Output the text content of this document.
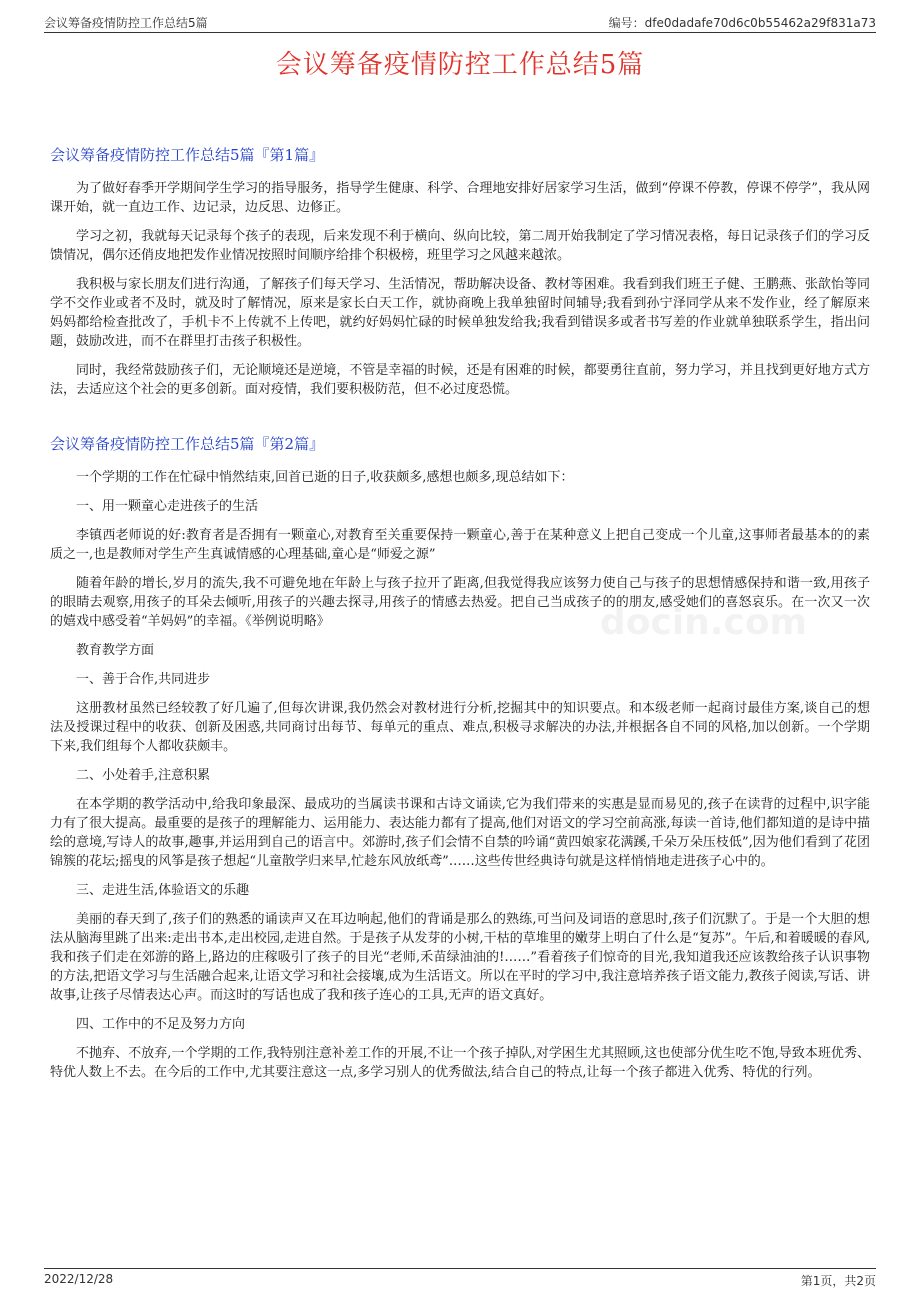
会议筹备疫情防控工作总结5篇	编号：dfe0dadafe70d6c0b55462a29f831a73
会议筹备疫情防控工作总结5篇
docin.com
会议筹备疫情防控工作总结5篇『第1篇』

为了做好春季开学期间学生学习的指导服务，指导学生健康、科学、合理地安排好居家学习生活，做到“停课不停教，停课不停学”，我从网课开始，就一直边工作、边记录，边反思、边修正。

学习之初，我就每天记录每个孩子的表现，后来发现不利于横向、纵向比较，第二周开始我制定了学习情况表格，每日记录孩子们的学习反馈情况，偶尔还俏皮地把发作业情况按照时间顺序给排个积极榜，班里学习之风越来越浓。

我积极与家长朋友们进行沟通，了解孩子们每天学习、生活情况，帮助解决设备、教材等困难。我看到我们班王子健、王鹏燕、张歆怡等同学不交作业或者不及时，就及时了解情况，原来是家长白天工作，就协商晚上我单独留时间辅导;我看到孙宁泽同学从来不发作业，经了解原来妈妈都给检查批改了，手机卡不上传就不上传吧，就约好妈妈忙碌的时候单独发给我;我看到错误多或者书写差的作业就单独联系学生，指出问题，鼓励改进，而不在群里打击孩子积极性。

同时，我经常鼓励孩子们，无论顺境还是逆境，不管是幸福的时候，还是有困难的时候，都要勇往直前，努力学习，并且找到更好地方式方法，去适应这个社会的更多创新。面对疫情，我们要积极防范，但不必过度恐慌。

会议筹备疫情防控工作总结5篇『第2篇』

一个学期的工作在忙碌中悄然结束,回首已逝的日子,收获颇多,感想也颇多,现总结如下：

一、用一颗童心走进孩子的生活

李镇西老师说的好:教育者是否拥有一颗童心,对教育至关重要保持一颗童心,善于在某种意义上把自己变成一个儿童,这事师者最基本的的素质之一,也是教师对学生产生真诚情感的心理基础,童心是“师爱之源”

随着年龄的增长,岁月的流失,我不可避免地在年龄上与孩子拉开了距离,但我觉得我应该努力使自己与孩子的思想情感保持和谐一致,用孩子的眼睛去观察,用孩子的耳朵去倾听,用孩子的兴趣去探寻,用孩子的情感去热爱。把自己当成孩子的的朋友,感受她们的喜怒哀乐。在一次又一次的嬉戏中感受着“羊妈妈”的幸福。《举例说明略》

教育教学方面

一、善于合作,共同进步

这册教材虽然已经较教了好几遍了,但每次讲课,我仍然会对教材进行分析,挖掘其中的知识要点。和本级老师一起商讨最佳方案,谈自己的想法及授课过程中的收获、创新及困惑,共同商讨出每节、每单元的重点、难点,积极寻求解决的办法,并根据各自不同的风格,加以创新。一个学期下来,我们组每个人都收获颇丰。

二、小处着手,注意积累

在本学期的教学活动中,给我印象最深、最成功的当属读书课和古诗文诵读,它为我们带来的实惠是显而易见的,孩子在读背的过程中,识字能力有了很大提高。最重要的是孩子的理解能力、运用能力、表达能力都有了提高,他们对语文的学习空前高涨,每读一首诗,他们都知道的是诗中描绘的意境,写诗人的故事,趣事,并运用到自己的语言中。郊游时,孩子们会情不自禁的吟诵“黄四娘家花满蹊,千朵万朵压枝低”,因为他们看到了花团锦簇的花坛;摇曳的风筝是孩子想起“儿童散学归来早,忙趁东风放纸鸢”……这些传世经典诗句就是这样悄悄地走进孩子心中的。

三、走进生活,体验语文的乐趣

美丽的春天到了,孩子们的熟悉的诵读声又在耳边响起,他们的背诵是那么的熟练,可当问及词语的意思时,孩子们沉默了。于是一个大胆的想法从脑海里跳了出来:走出书本,走出校园,走进自然。于是孩子从发芽的小树,干枯的草堆里的嫩芽上明白了什么是“复苏”。午后,和着暖暖的春风,我和孩子们走在郊游的路上,路边的庄稼吸引了孩子的目光“老师,禾苗绿油油的!……”看着孩子们惊奇的目光,我知道我还应该教给孩子认识事物的方法,把语文学习与生活融合起来,让语文学习和社会接壤,成为生活语文。所以在平时的学习中,我注意培养孩子语文能力,教孩子阅读,写话、讲故事,让孩子尽情表达心声。而这时的写话也成了我和孩子连心的工具,无声的语文真好。

四、工作中的不足及努力方向

不抛弃、不放弃,一个学期的工作,我特别注意补差工作的开展,不让一个孩子掉队,对学困生尤其照顾,这也使部分优生吃不饱,导致本班优秀、特优人数上不去。在今后的工作中,尤其要注意这一点,多学习别人的优秀做法,结合自己的特点,让每一个孩子都进入优秀、特优的行列。

2022/12/28	第1页，共2页
